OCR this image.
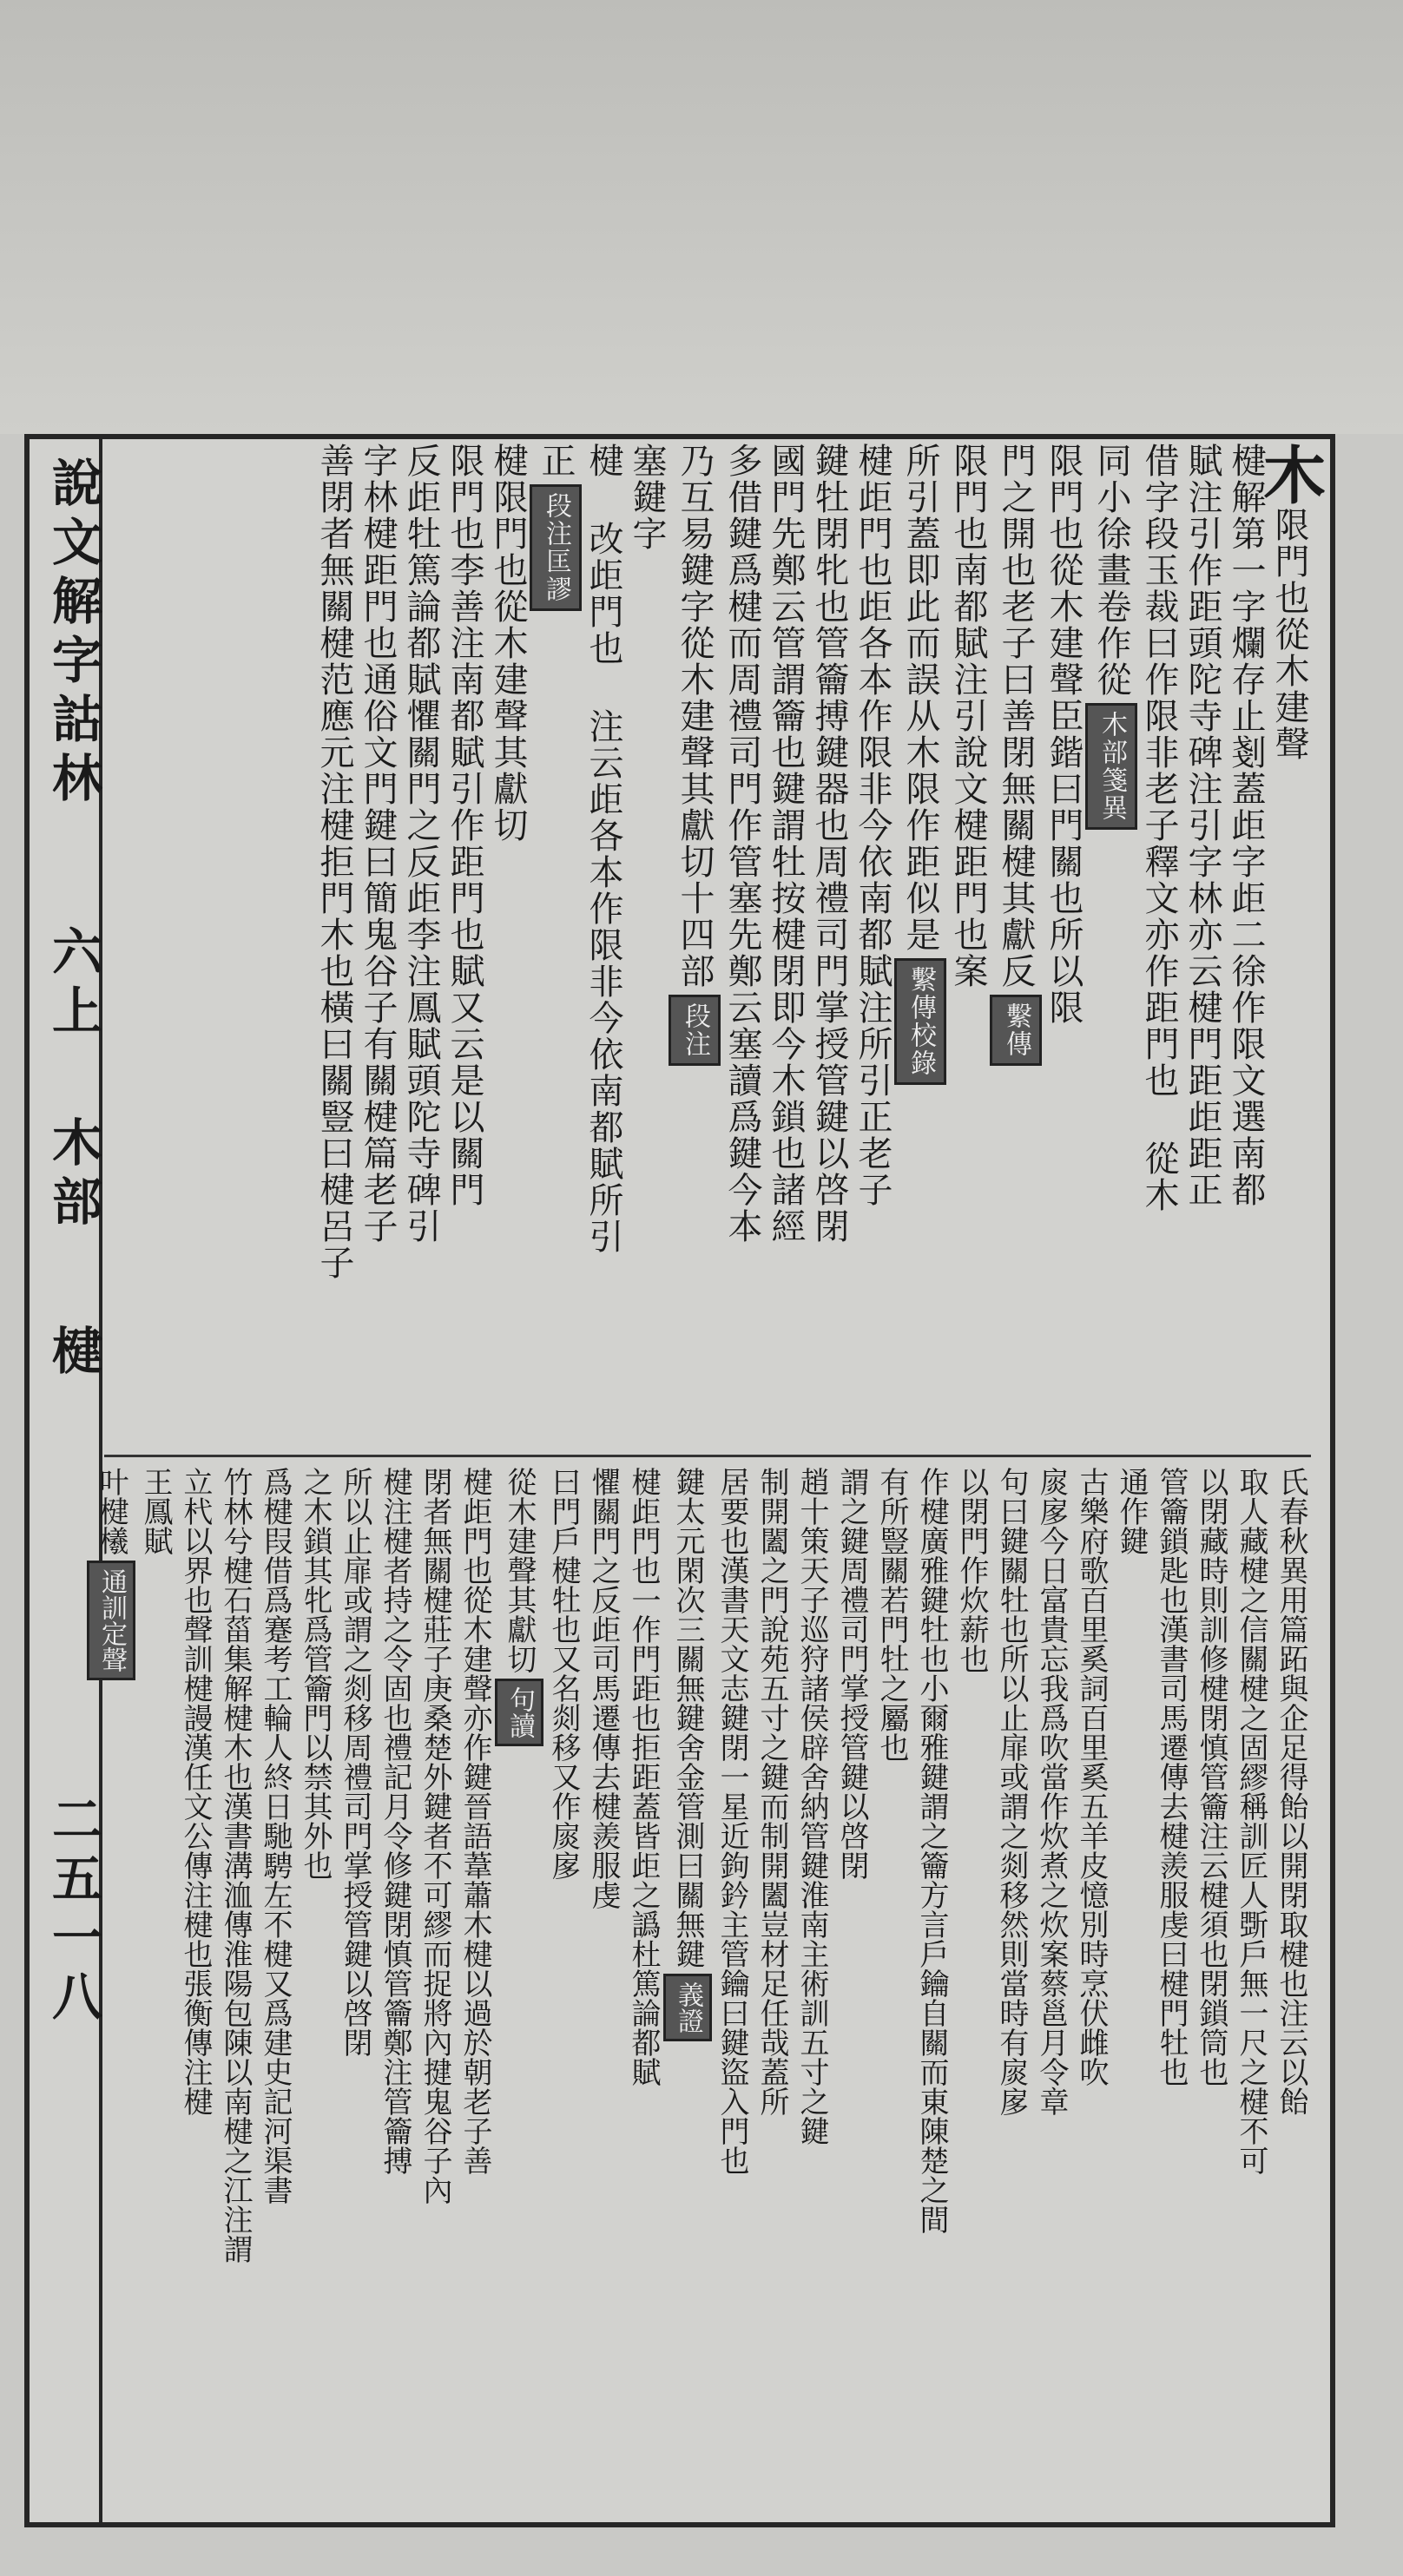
說文解字詁林
六上
木部
楗
二五一八

木限門也從木建聲

楗解第一字爛存止剗蓋歫字歫二徐作限文選南都

賦注引作距頭陀寺碑注引字林亦云楗門距歫距正

借字段玉裁曰作限非老子釋文亦作距門也 從木

同小徐畫卷作從木部箋異

限門也從木建聲臣鍇曰門關也所以限

門之開也老子曰善閉無關楗其獻反繫傳

限門也南都賦注引說文楗距門也案

所引蓋即此而誤从木限作距似是繫傳校錄

楗歫門也歫各本作限非今依南都賦注所引正老子

鍵牡閉牝也管籥搏鍵器也周禮司門掌授管鍵以啓閉

國門先鄭云管謂籥也鍵謂牡按楗閉即今木鎖也諸經

多借鍵爲楗而周禮司門作管塞先鄭云塞讀爲鍵今本

乃互易鍵字從木建聲其獻切十四部段注

塞鍵字

楗 改歫門也 注云歫各本作限非今依南都賦所引

正段注匡謬

楗限門也從木建聲其獻切

限門也李善注南都賦引作距門也賦又云是以關門

反歫牡篤論都賦懼關門之反歫李注鳳賦頭陀寺碑引

字林楗距門也通俗文門鍵曰簡鬼谷子有關楗篇老子

善閉者無關楗范應元注楗拒門木也橫曰關豎曰楗呂子

氏春秋異用篇跖與企足得飴以開閉取楗也注云以飴

取人藏楗之信關楗之固繆稱訓匠人斲戶無一尺之楗不可

以閉藏時則訓修楗閉慎管籥注云楗須也閉鎖筒也

管籥鎖匙也漢書司馬遷傳去楗羨服虔曰楗門牡也

通作鍵

古樂府歌百里奚詞百里奚五羊皮憶別時烹伏雌吹

扊扅今日富貴忘我爲吹當作炊煮之炊案蔡邕月令章

句曰鍵關牡也所以止扉或謂之剡移然則當時有扊扅

以閉門作炊薪也

作楗廣雅鍵牡也小爾雅鍵謂之籥方言戶鑰自關而東陳楚之間

有所豎關若門牡之屬也

謂之鍵周禮司門掌授管鍵以啓閉

趙十策天子巡狩諸侯辟舍納管鍵淮南主術訓五寸之鍵

制開闔之門說苑五寸之鍵而制開闔豈材足任哉蓋所

居要也漢書天文志鍵閉一星近鉤鈐主管鑰曰鍵盜入門也

鍵太元閑次三關無鍵舍金管測曰關無鍵義證

楗歫門也一作門距也拒距蓋皆歫之譌杜篤論都賦

懼關門之反歫司馬遷傳去楗羨服虔

曰門戶楗牡也又名剡移又作扊扅

從木建聲其獻切句讀

楗歫門也從木建聲亦作鍵晉語葦蕭木楗以過於朝老子善

閉者無關楗莊子庚桑楚外鍵者不可繆而捉將內揵鬼谷子內

楗注楗者持之令固也禮記月令修鍵閉慎管籥鄭注管籥搏

所以止扉或謂之剡移周禮司門掌授管鍵以啓閉

之木鎖其牝爲管籥門以禁其外也

爲楗叚借爲蹇考工輪人終日馳騁左不楗又爲建史記河渠書

竹林兮楗石菑集解楗木也漢書溝洫傳淮陽包陳以南楗之江注謂

立杙以界也聲訓楗謾漢任文公傳注楗也張衡傳注楗

王鳳賦

叶楗㰕通訓定聲
